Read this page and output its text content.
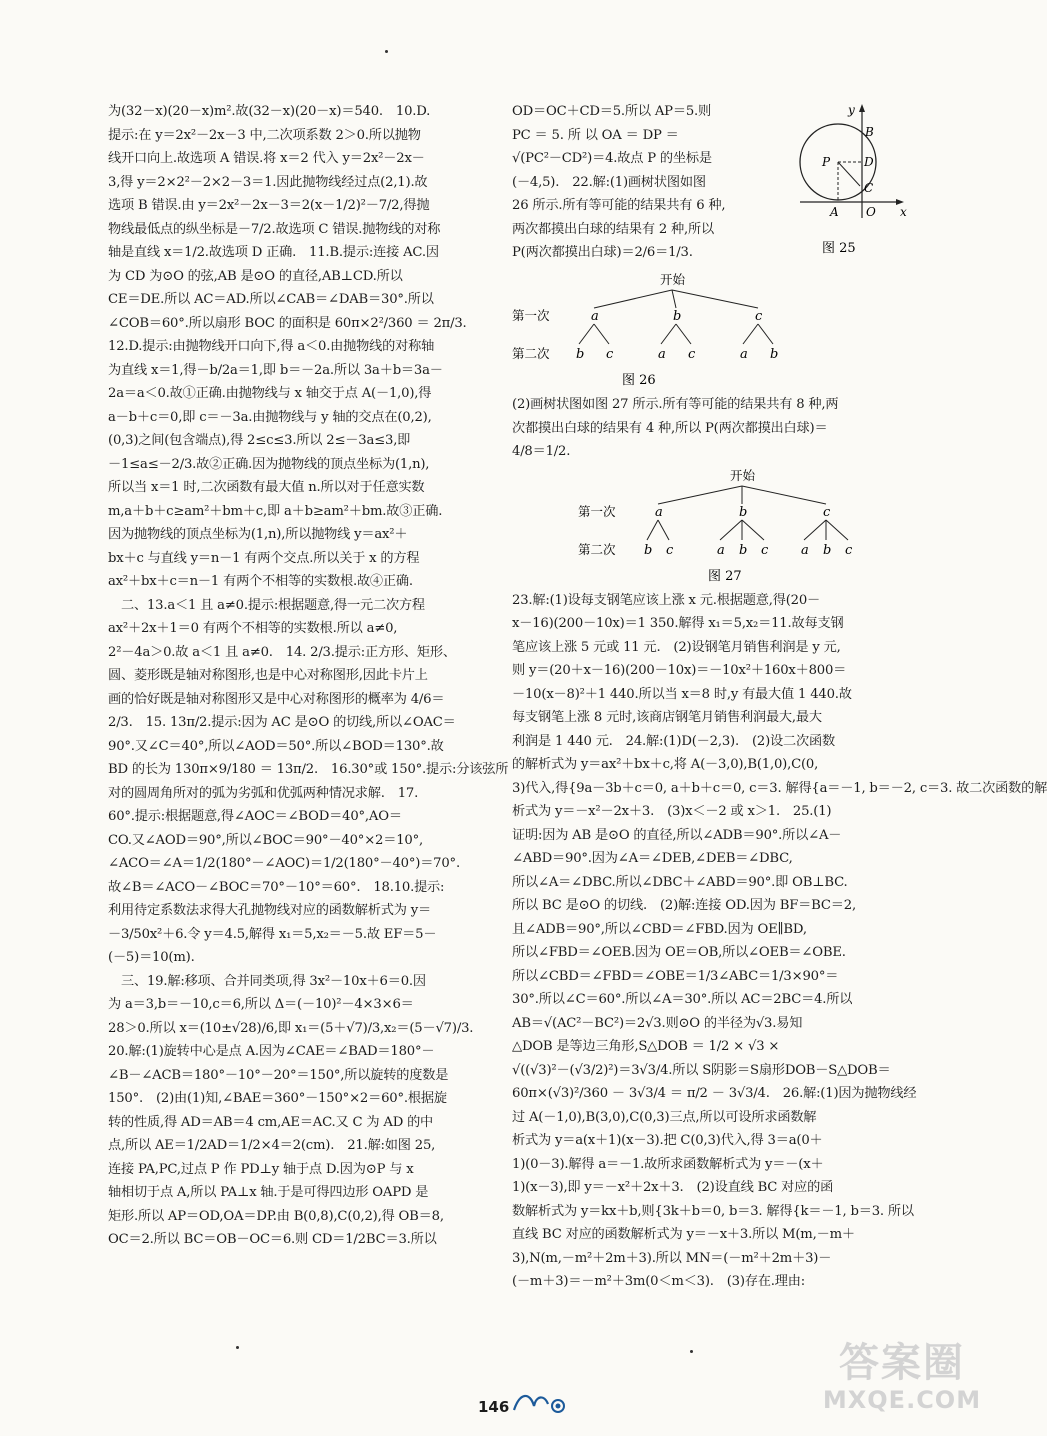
为(32－x)(20－x)m².故(32－x)(20－x)＝540.　10.D.
提示:在 y＝2x²－2x－3 中,二次项系数 2＞0.所以抛物
线开口向上.故选项 A 错误.将 x＝2 代入 y＝2x²－2x－
3,得 y＝2×2²－2×2－3＝1.因此抛物线经过点(2,1).故
选项 B 错误.由 y＝2x²－2x－3＝2(x－1/2)²－7/2,得抛
物线最低点的纵坐标是－7/2.故选项 C 错误.抛物线的对称
轴是直线 x＝1/2.故选项 D 正确.　11.B.提示:连接 AC.因
为 CD 为⊙O 的弦,AB 是⊙O 的直径,AB⊥CD.所以
CE＝DE.所以 AC＝AD.所以∠CAB＝∠DAB＝30°.所以
∠COB＝60°.所以扇形 BOC 的面积是 60π×2²/360 ＝ 2π/3.
12.D.提示:由抛物线开口向下,得 a＜0.由抛物线的对称轴
为直线 x＝1,得－b/2a＝1,即 b＝－2a.所以 3a＋b＝3a－
2a＝a＜0.故①正确.由抛物线与 x 轴交于点 A(－1,0),得
a－b＋c＝0,即 c＝－3a.由抛物线与 y 轴的交点在(0,2),
(0,3)之间(包含端点),得 2≤c≤3.所以 2≤－3a≤3,即
－1≤a≤－2/3.故②正确.因为抛物线的顶点坐标为(1,n),
所以当 x＝1 时,二次函数有最大值 n.所以对于任意实数
m,a＋b＋c≥am²＋bm＋c,即 a＋b≥am²＋bm.故③正确.
因为抛物线的顶点坐标为(1,n),所以抛物线 y＝ax²＋
bx＋c 与直线 y＝n－1 有两个交点.所以关于 x 的方程
ax²＋bx＋c＝n－1 有两个不相等的实数根.故④正确.
　二、13.a＜1 且 a≠0.提示:根据题意,得一元二次方程
ax²＋2x＋1＝0 有两个不相等的实数根.所以 a≠0,
2²－4a＞0.故 a＜1 且 a≠0.　14. 2/3.提示:正方形、矩形、
圆、菱形既是轴对称图形,也是中心对称图形,因此卡片上
画的恰好既是轴对称图形又是中心对称图形的概率为 4/6＝
2/3.　15. 13π/2.提示:因为 AC 是⊙O 的切线,所以∠OAC＝
90°.又∠C＝40°,所以∠AOD＝50°.所以∠BOD＝130°.故
BD 的长为 130π×9/180 ＝ 13π/2.　16.30°或 150°.提示:分该弦所
对的圆周角所对的弧为劣弧和优弧两种情况求解.　17.
60°.提示:根据题意,得∠AOC＝∠BOD＝40°,AO＝
CO.又∠AOD＝90°,所以∠BOC＝90°－40°×2＝10°,
∠ACO＝∠A＝1/2(180°－∠AOC)＝1/2(180°－40°)＝70°.
故∠B＝∠ACO－∠BOC＝70°－10°＝60°.　18.10.提示:
利用待定系数法求得大孔抛物线对应的函数解析式为 y＝
－3/50x²＋6.令 y＝4.5,解得 x₁＝5,x₂＝－5.故 EF＝5－
(－5)＝10(m).
　三、19.解:移项、合并同类项,得 3x²－10x＋6＝0.因
为 a＝3,b＝－10,c＝6,所以 Δ＝(－10)²－4×3×6＝
28＞0.所以 x＝(10±√28)/6,即 x₁＝(5＋√7)/3,x₂＝(5－√7)/3.
20.解:(1)旋转中心是点 A.因为∠CAE＝∠BAD＝180°－
∠B－∠ACB＝180°－10°－20°＝150°,所以旋转的度数是
150°.　(2)由(1)知,∠BAE＝360°－150°×2＝60°.根据旋
转的性质,得 AD＝AB＝4 cm,AE＝AC.又 C 为 AD 的中
点,所以 AE＝1/2AD＝1/2×4＝2(cm).　21.解:如图 25,
连接 PA,PC,过点 P 作 PD⊥y 轴于点 D.因为⊙P 与 x
轴相切于点 A,所以 PA⊥x 轴.于是可得四边形 OAPD 是
矩形.所以 AP＝OD,OA＝DP.由 B(0,8),C(0,2),得 OB＝8,
OC＝2.所以 BC＝OB－OC＝6.则 CD＝1/2BC＝3.所以
OD＝OC＋CD＝5.所以 AP＝5.则
PC ＝ 5. 所 以 OA ＝ DP ＝
√(PC²－CD²)＝4.故点 P 的坐标是
(－4,5).　22.解:(1)画树状图如图
26 所示.所有等可能的结果共有 6 种,
两次都摸出白球的结果有 2 种,所以
P(两次都摸出白球)＝2/6＝1/3.
y
x
B
P	D
C
A O
图 25
开始
第一次
第二次
a
b c
b
a c
c
a b
图 26
(2)画树状图如图 27 所示.所有等可能的结果共有 8 种,两
次都摸出白球的结果有 4 种,所以 P(两次都摸出白球)＝
4/8＝1/2.
开始
第一次
第二次
a
b c
b
a b c
c
a b c
图 27
23.解:(1)设每支钢笔应该上涨 x 元.根据题意,得(20－
x－16)(200－10x)＝1 350.解得 x₁＝5,x₂＝11.故每支钢
笔应该上涨 5 元或 11 元.　(2)设钢笔月销售利润是 y 元,
则 y＝(20＋x－16)(200－10x)＝－10x²＋160x＋800＝
－10(x－8)²＋1 440.所以当 x＝8 时,y 有最大值 1 440.故
每支钢笔上涨 8 元时,该商店钢笔月销售利润最大,最大
利润是 1 440 元.　24.解:(1)D(－2,3).　(2)设二次函数
的解析式为 y＝ax²＋bx＋c,将 A(－3,0),B(1,0),C(0,
3)代入,得{9a－3b＋c＝0, a＋b＋c＝0, c＝3. 解得{a＝－1, b＝－2, c＝3. 故二次函数的解
析式为 y＝－x²－2x＋3.　(3)x＜－2 或 x＞1.　25.(1)
证明:因为 AB 是⊙O 的直径,所以∠ADB＝90°.所以∠A－
∠ABD＝90°.因为∠A＝∠DEB,∠DEB＝∠DBC,
所以∠A＝∠DBC.所以∠DBC＋∠ABD＝90°.即 OB⊥BC.
所以 BC 是⊙O 的切线.　(2)解:连接 OD.因为 BF＝BC＝2,
且∠ADB＝90°,所以∠CBD＝∠FBD.因为 OE∥BD,
所以∠FBD＝∠OEB.因为 OE＝OB,所以∠OEB＝∠OBE.
所以∠CBD＝∠FBD＝∠OBE＝1/3∠ABC＝1/3×90°＝
30°.所以∠C＝60°.所以∠A＝30°.所以 AC＝2BC＝4.所以
AB＝√(AC²－BC²)＝2√3.则⊙O 的半径为√3.易知
△DOB 是等边三角形,S△DOB ＝ 1/2 × √3 ×
√((√3)²－(√3/2)²)＝3√3/4.所以 S阴影＝S扇形DOB－S△DOB＝
60π×(√3)²/360 － 3√3/4 ＝ π/2 － 3√3/4.　26.解:(1)因为抛物线经
过 A(－1,0),B(3,0),C(0,3)三点,所以可设所求函数解
析式为 y＝a(x＋1)(x－3).把 C(0,3)代入,得 3＝a(0＋
1)(0－3).解得 a＝－1.故所求函数解析式为 y＝－(x＋
1)(x－3),即 y＝－x²＋2x＋3.　(2)设直线 BC 对应的函
数解析式为 y＝kx＋b,则{3k＋b＝0, b＝3. 解得{k＝－1, b＝3. 所以
直线 BC 对应的函数解析式为 y＝－x＋3.所以 M(m,－m＋
3),N(m,－m²＋2m＋3).所以 MN＝(－m²＋2m＋3)－
(－m＋3)＝－m²＋3m(0＜m＜3).　(3)存在.理由:
146
答案圈
MXQE.COM
